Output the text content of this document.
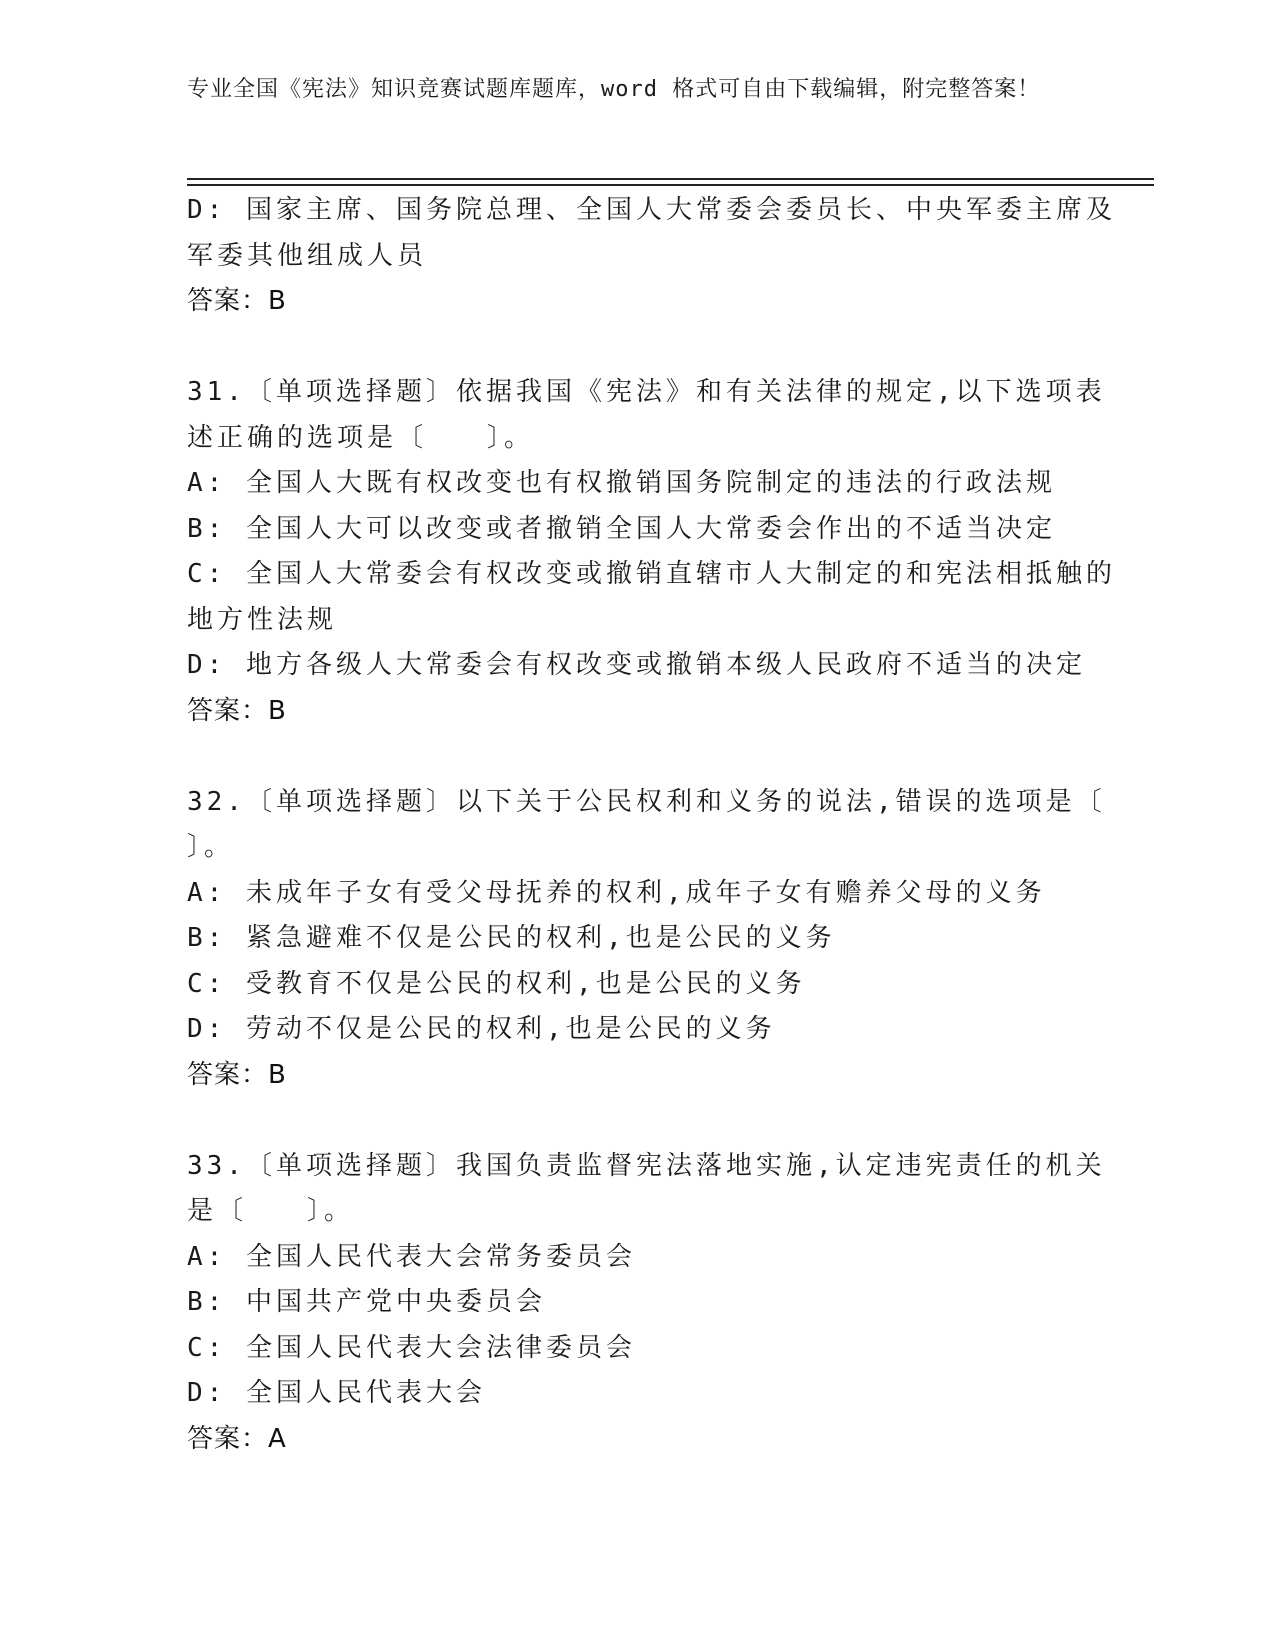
专业全国《宪法》知识竞赛试题库题库，word 格式可自由下载编辑，附完整答案！

D: 国家主席、国务院总理、全国人大常委会委员长、中央军委主席及

军委其他组成人员

答案：B

31.〔单项选择题〕依据我国《宪法》和有关法律的规定,以下选项表

述正确的选项是〔　　〕。

A: 全国人大既有权改变也有权撤销国务院制定的违法的行政法规

B: 全国人大可以改变或者撤销全国人大常委会作出的不适当决定

C: 全国人大常委会有权改变或撤销直辖市人大制定的和宪法相抵触的

地方性法规

D: 地方各级人大常委会有权改变或撤销本级人民政府不适当的决定

答案：B

32.〔单项选择题〕以下关于公民权利和义务的说法,错误的选项是〔

〕。

A: 未成年子女有受父母抚养的权利,成年子女有赡养父母的义务

B: 紧急避难不仅是公民的权利,也是公民的义务

C: 受教育不仅是公民的权利,也是公民的义务

D: 劳动不仅是公民的权利,也是公民的义务

答案：B

33.〔单项选择题〕我国负责监督宪法落地实施,认定违宪责任的机关

是〔　　〕。

A: 全国人民代表大会常务委员会

B: 中国共产党中央委员会

C: 全国人民代表大会法律委员会

D: 全国人民代表大会

答案：A
